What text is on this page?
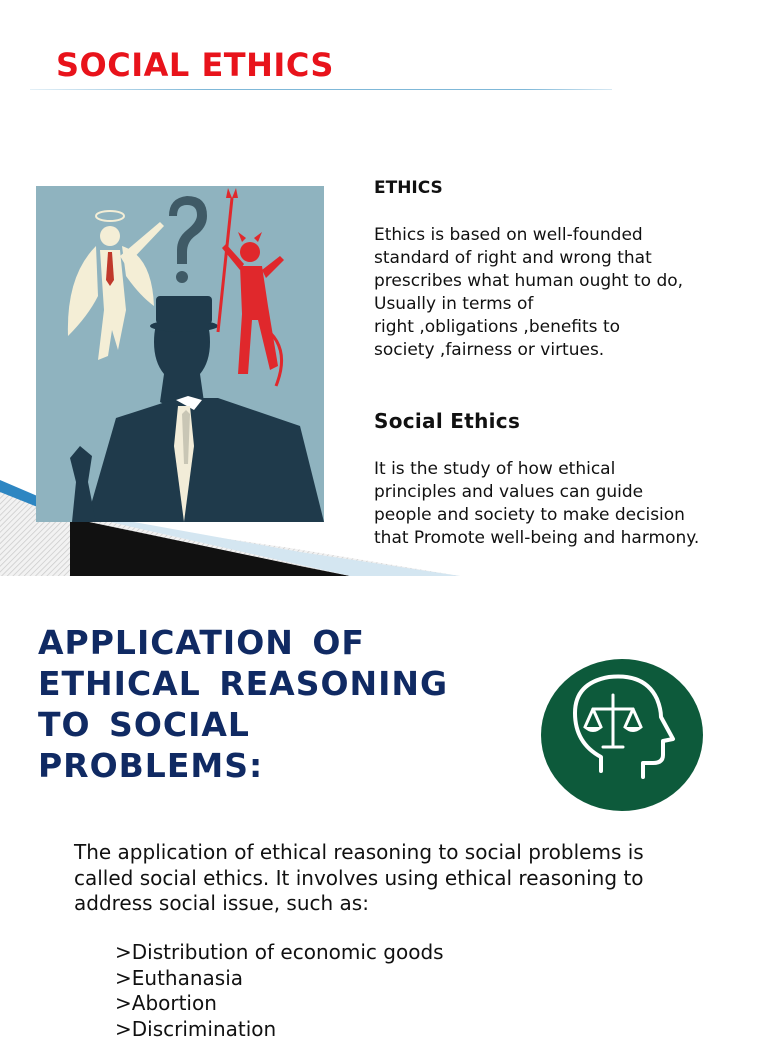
SOCIAL ETHICS
ETHICS
Ethics is based on well-founded
standard of right and wrong that
prescribes what human ought to do,
Usually in terms of
right ,obligations ,benefits to
society ,fairness or virtues.
Social Ethics
It is the study of how ethical
principles and values can guide
people and society to make decision
that Promote well-being and harmony.
APPLICATION OF
ETHICAL REASONING
TO SOCIAL
PROBLEMS:
The application of ethical reasoning to social problems is
called social ethics. It involves using ethical reasoning to
address social issue, such as:
>Distribution of economic goods
>Euthanasia
>Abortion
>Discrimination
